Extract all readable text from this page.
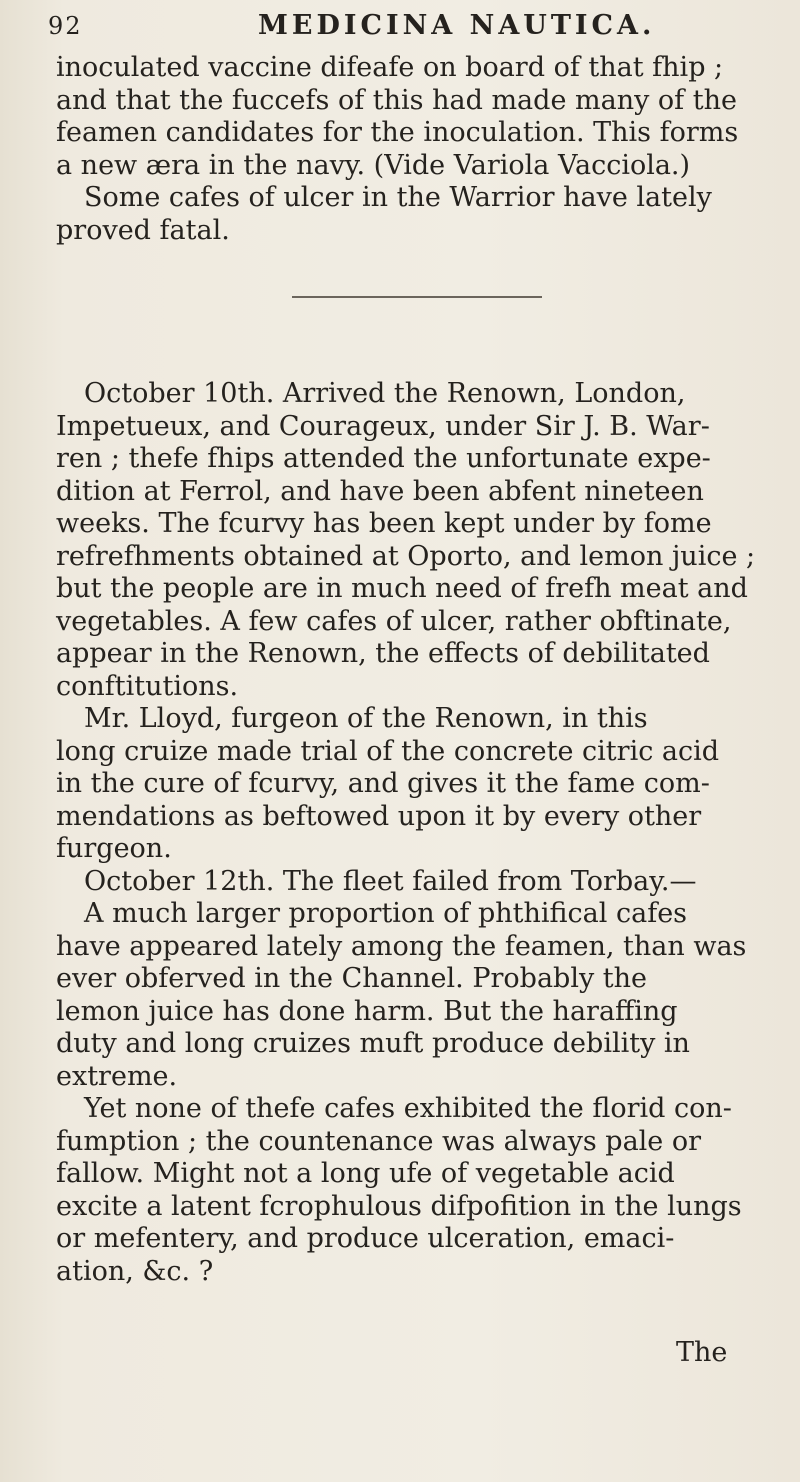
92	MEDICINA NAUTICA.
inoculated vaccine difeafe on board of that fhip ;
and that the fuccefs of this had made many of the
feamen candidates for the inoculation. This forms
a new æra in the navy. (Vide Variola Vacciola.)
Some cafes of ulcer in the Warrior have lately
proved fatal.
October 10th. Arrived the Renown, London,
Impetueux, and Courageux, under Sir J. B. War-
ren ; thefe fhips attended the unfortunate expe-
dition at Ferrol, and have been abfent nineteen
weeks. The fcurvy has been kept under by fome
refrefhments obtained at Oporto, and lemon juice ;
but the people are in much need of frefh meat and
vegetables. A few cafes of ulcer, rather obftinate,
appear in the Renown, the effects of debilitated
conftitutions.
Mr. Lloyd, furgeon of the Renown, in this
long cruize made trial of the concrete citric acid
in the cure of fcurvy, and gives it the fame com-
mendations as beftowed upon it by every other
furgeon.
October 12th. The fleet failed from Torbay.—
A much larger proportion of phthifical cafes
have appeared lately among the feamen, than was
ever obferved in the Channel. Probably the
lemon juice has done harm. But the haraffing
duty and long cruizes muft produce debility in
extreme.
Yet none of thefe cafes exhibited the florid con-
fumption ; the countenance was always pale or
fallow. Might not a long ufe of vegetable acid
excite a latent fcrophulous difpofition in the lungs
or mefentery, and produce ulceration, emaci-
ation, &c. ?
The
